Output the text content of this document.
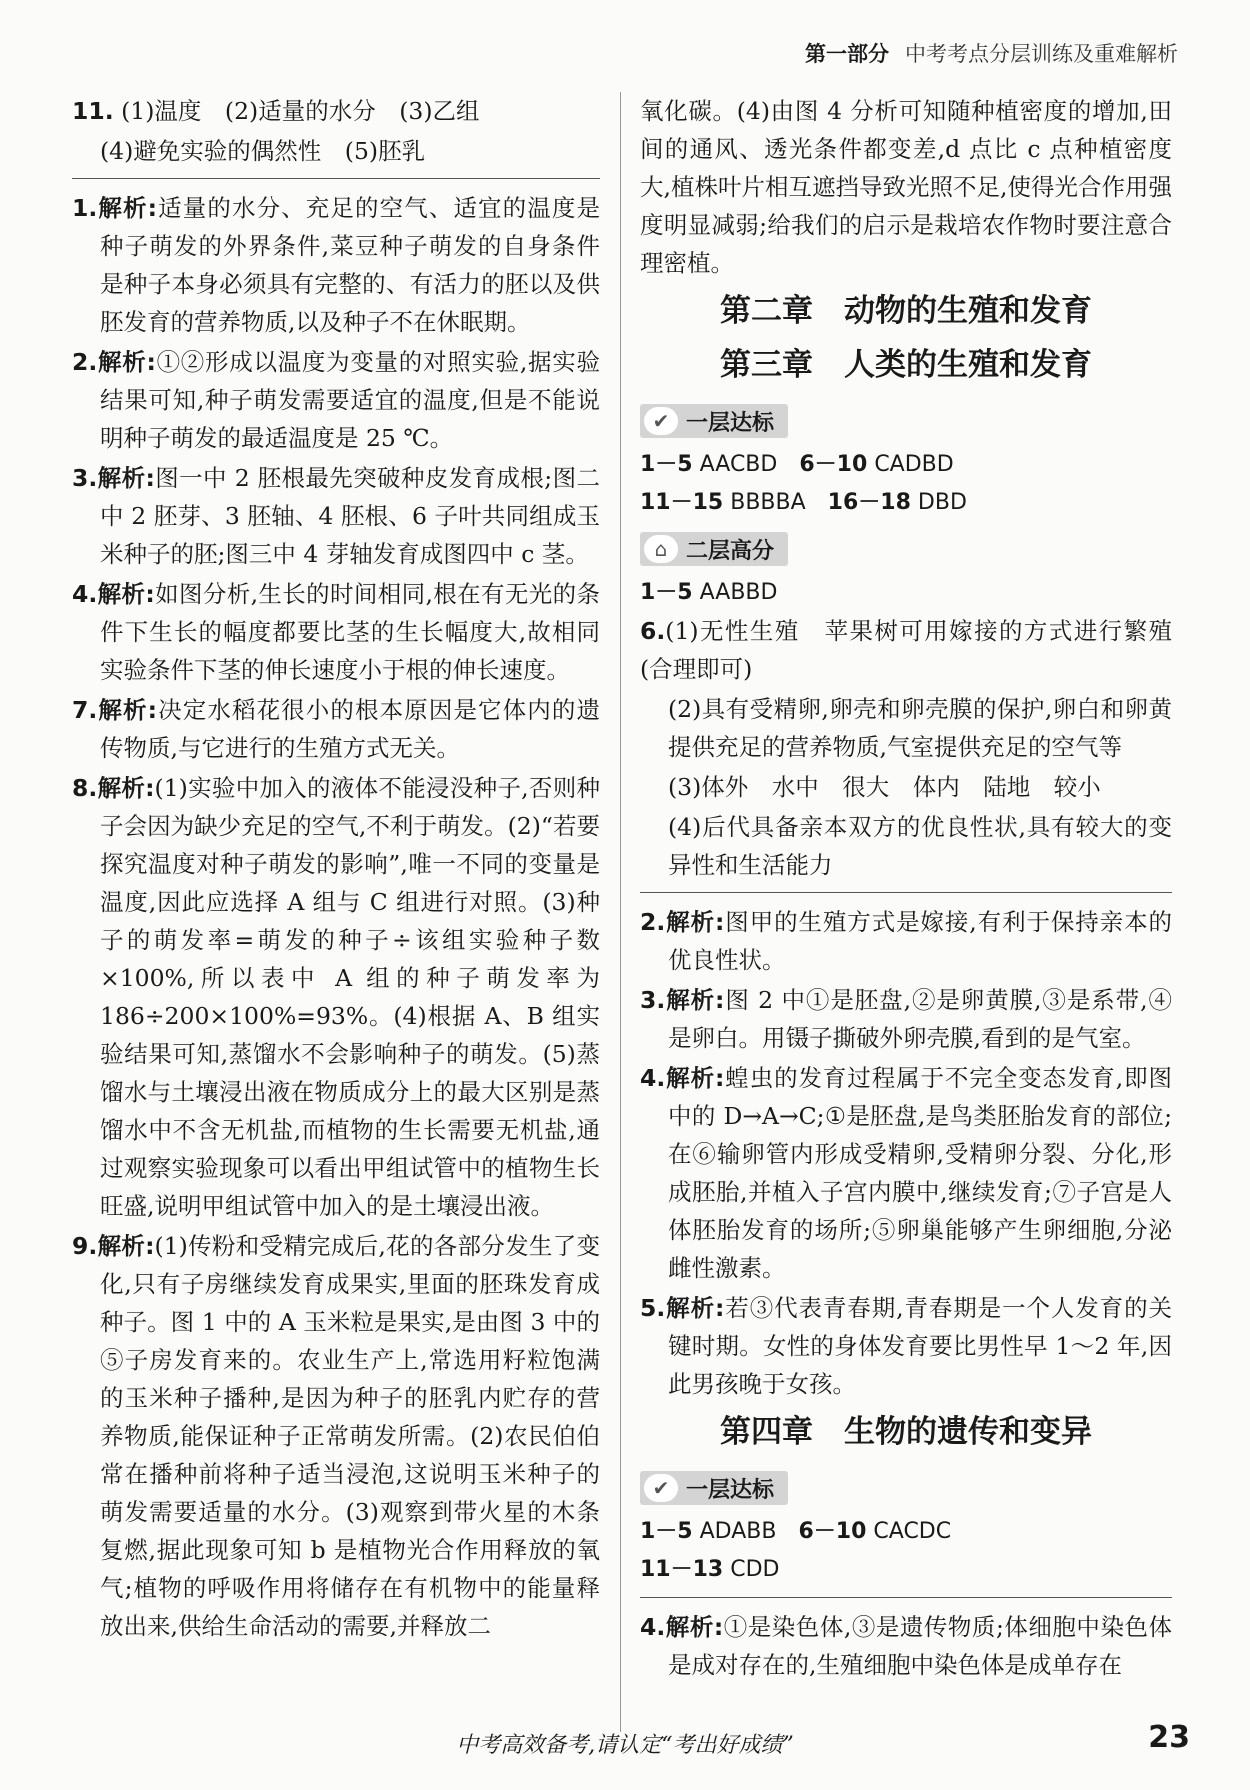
第一部分 中考考点分层训练及重难解析
11. (1)温度　(2)适量的水分　(3)乙组
(4)避免实验的偶然性　(5)胚乳
1.解析:适量的水分、充足的空气、适宜的温度是种子萌发的外界条件,菜豆种子萌发的自身条件是种子本身必须具有完整的、有活力的胚以及供胚发育的营养物质,以及种子不在休眠期。
2.解析:①②形成以温度为变量的对照实验,据实验结果可知,种子萌发需要适宜的温度,但是不能说明种子萌发的最适温度是 25 ℃。
3.解析:图一中 2 胚根最先突破种皮发育成根;图二中 2 胚芽、3 胚轴、4 胚根、6 子叶共同组成玉米种子的胚;图三中 4 芽轴发育成图四中 c 茎。
4.解析:如图分析,生长的时间相同,根在有无光的条件下生长的幅度都要比茎的生长幅度大,故相同实验条件下茎的伸长速度小于根的伸长速度。
7.解析:决定水稻花很小的根本原因是它体内的遗传物质,与它进行的生殖方式无关。
8.解析:(1)实验中加入的液体不能浸没种子,否则种子会因为缺少充足的空气,不利于萌发。(2)“若要探究温度对种子萌发的影响”,唯一不同的变量是温度,因此应选择 A 组与 C 组进行对照。(3)种子的萌发率=萌发的种子÷该组实验种子数×100%,所以表中 A 组的种子萌发率为186÷200×100%=93%。(4)根据 A、B 组实验结果可知,蒸馏水不会影响种子的萌发。(5)蒸馏水与土壤浸出液在物质成分上的最大区别是蒸馏水中不含无机盐,而植物的生长需要无机盐,通过观察实验现象可以看出甲组试管中的植物生长旺盛,说明甲组试管中加入的是土壤浸出液。
9.解析:(1)传粉和受精完成后,花的各部分发生了变化,只有子房继续发育成果实,里面的胚珠发育成种子。图 1 中的 A 玉米粒是果实,是由图 3 中的⑤子房发育来的。农业生产上,常选用籽粒饱满的玉米种子播种,是因为种子的胚乳内贮存的营养物质,能保证种子正常萌发所需。(2)农民伯伯常在播种前将种子适当浸泡,这说明玉米种子的萌发需要适量的水分。(3)观察到带火星的木条复燃,据此现象可知 b 是植物光合作用释放的氧气;植物的呼吸作用将储存在有机物中的能量释放出来,供给生命活动的需要,并释放二
氧化碳。(4)由图 4 分析可知随种植密度的增加,田间的通风、透光条件都变差,d 点比 c 点种植密度大,植株叶片相互遮挡导致光照不足,使得光合作用强度明显减弱;给我们的启示是栽培农作物时要注意合理密植。
第二章　动物的生殖和发育
第三章　人类的生殖和发育
✔ 一层达标
1－5 AACBD　 6－10 CADBD
11－15 BBBBA　 16－18 DBD
⌂ 二层高分
1－5 AABBD
6.(1)无性生殖　苹果树可用嫁接的方式进行繁殖(合理即可)
(2)具有受精卵,卵壳和卵壳膜的保护,卵白和卵黄提供充足的营养物质,气室提供充足的空气等
(3)体外　水中　很大　体内　陆地　较小
(4)后代具备亲本双方的优良性状,具有较大的变异性和生活能力
2.解析:图甲的生殖方式是嫁接,有利于保持亲本的优良性状。
3.解析:图 2 中①是胚盘,②是卵黄膜,③是系带,④是卵白。用镊子撕破外卵壳膜,看到的是气室。
4.解析:蝗虫的发育过程属于不完全变态发育,即图中的 D→A→C;①是胚盘,是鸟类胚胎发育的部位;在⑥输卵管内形成受精卵,受精卵分裂、分化,形成胚胎,并植入子宫内膜中,继续发育;⑦子宫是人体胚胎发育的场所;⑤卵巢能够产生卵细胞,分泌雌性激素。
5.解析:若③代表青春期,青春期是一个人发育的关键时期。女性的身体发育要比男性早 1～2 年,因此男孩晚于女孩。
第四章　生物的遗传和变异
✔ 一层达标
1－5 ADABB　 6－10 CACDC
11－13 CDD
4.解析:①是染色体,③是遗传物质;体细胞中染色体是成对存在的,生殖细胞中染色体是成单存在
23
中考高效备考,请认定“考出好成绩”
